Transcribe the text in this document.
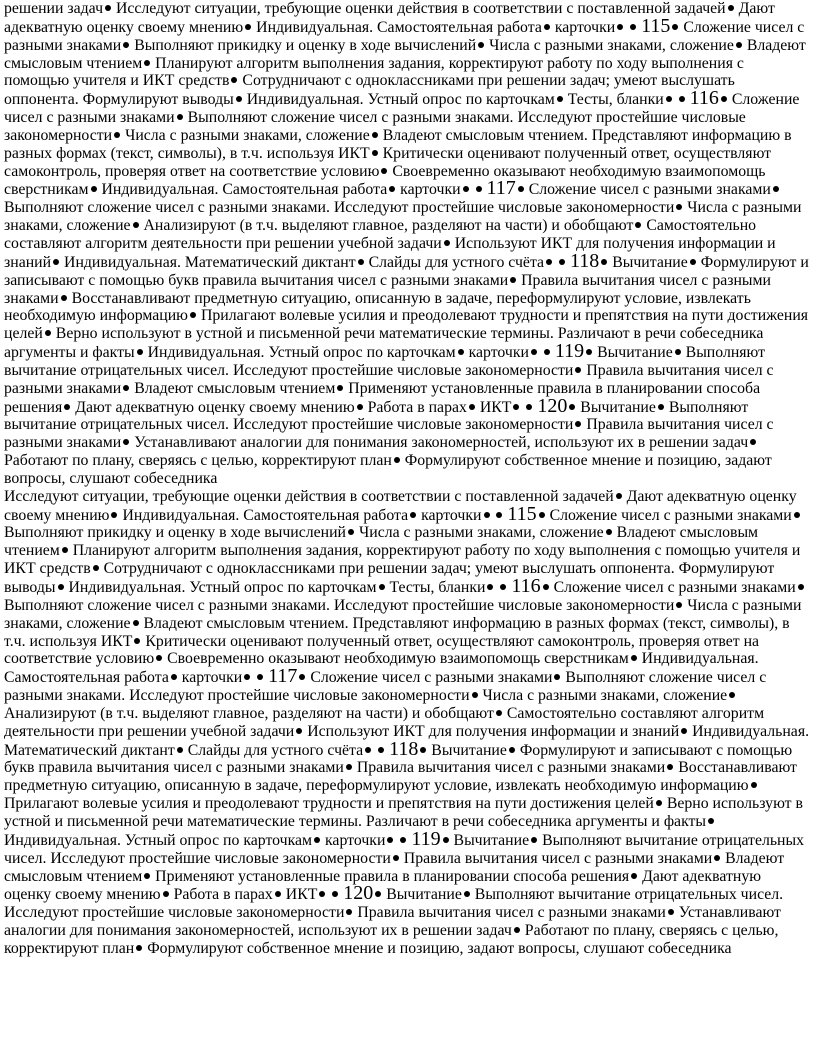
решении задач Исследуют ситуации, требующие оценки действия в соответствии с поставленной задачей Дают адекватную оценку своему мнению Индивидуальная. Самостоятельная работа карточки 115 Сложение чисел с разными знаками Выполняют прикидку и оценку в ходе вычислений Числа с разными знаками, сложение Владеют смысловым чтением Планируют алгоритм выполнения задания, корректируют работу по ходу выполнения с помощью учителя и ИКТ средств Сотрудничают с одноклассниками при решении задач; умеют выслушать оппонента. Формулируют выводы Индивидуальная. Устный опрос по карточкам Тесты, бланки 116 Сложение чисел с разными знаками Выполняют сложение чисел с разными знаками. Исследуют простейшие числовые закономерности Числа с разными знаками, сложение Владеют смысловым чтением. Представляют информацию в разных формах (текст, символы), в т.ч. используя ИКТ Критически оценивают полученный ответ, осуществляют самоконтроль, проверяя ответ на соответствие условию Своевременно оказывают необходимую взаимопомощь сверстникам Индивидуальная. Самостоятельная работа карточки 117 Сложение чисел с разными знаками Выполняют сложение чисел с разными знаками. Исследуют простейшие числовые закономерности Числа с разными знаками, сложение Анализируют (в т.ч. выделяют главное, разделяют на части) и обобщают Самостоятельно составляют алгоритм деятельности при решении учебной задачи Используют ИКТ для получения информации и знаний Индивидуальная. Математический диктант Слайды для устного счёта 118 Вычитание Формулируют и записывают с помощью букв правила вычитания чисел с разными знаками Правила вычитания чисел с разными знаками Восстанавливают предметную ситуацию, описанную в задаче, переформулируют условие, извлекать необходимую информацию Прилагают волевые усилия и преодолевают трудности и препятствия на пути достижения целей Верно используют в устной и письменной речи математические термины. Различают в речи собеседника аргументы и факты Индивидуальная. Устный опрос по карточкам карточки 119 Вычитание Выполняют вычитание отрицательных чисел. Исследуют простейшие числовые закономерности Правила вычитания чисел с разными знаками Владеют смысловым чтением Применяют установленные правила в планировании способа решения Дают адекватную оценку своему мнению Работа в парах ИКТ 120 Вычитание Выполняют вычитание отрицательных чисел. Исследуют простейшие числовые закономерности Правила вычитания чисел с разными знаками Устанавливают аналогии для понимания закономерностей, используют их в решении задач Работают по плану, сверяясь с целью, корректируют план Формулируют собственное мнение и позицию, задают вопросы, слушают собеседника

Исследуют ситуации, требующие оценки действия в соответствии с поставленной задачей Дают адекватную оценку своему мнению Индивидуальная. Самостоятельная работа карточки 115 Сложение чисел с разными знаками Выполняют прикидку и оценку в ходе вычислений Числа с разными знаками, сложение Владеют смысловым чтением Планируют алгоритм выполнения задания, корректируют работу по ходу выполнения с помощью учителя и ИКТ средств Сотрудничают с одноклассниками при решении задач; умеют выслушать оппонента. Формулируют выводы Индивидуальная. Устный опрос по карточкам Тесты, бланки 116 Сложение чисел с разными знаками Выполняют сложение чисел с разными знаками. Исследуют простейшие числовые закономерности Числа с разными знаками, сложение Владеют смысловым чтением. Представляют информацию в разных формах (текст, символы), в т.ч. используя ИКТ Критически оценивают полученный ответ, осуществляют самоконтроль, проверяя ответ на соответствие условию Своевременно оказывают необходимую взаимопомощь сверстникам Индивидуальная. Самостоятельная работа карточки 117 Сложение чисел с разными знаками Выполняют сложение чисел с разными знаками. Исследуют простейшие числовые закономерности Числа с разными знаками, сложение Анализируют (в т.ч. выделяют главное, разделяют на части) и обобщают Самостоятельно составляют алгоритм деятельности при решении учебной задачи Используют ИКТ для получения информации и знаний Индивидуальная. Математический диктант Слайды для устного счёта 118 Вычитание Формулируют и записывают с помощью букв правила вычитания чисел с разными знаками Правила вычитания чисел с разными знаками Восстанавливают предметную ситуацию, описанную в задаче, переформулируют условие, извлекать необходимую информацию Прилагают волевые усилия и преодолевают трудности и препятствия на пути достижения целей Верно используют в устной и письменной речи математические термины. Различают в речи собеседника аргументы и факты Индивидуальная. Устный опрос по карточкам карточки 119 Вычитание Выполняют вычитание отрицательных чисел. Исследуют простейшие числовые закономерности Правила вычитания чисел с разными знаками Владеют смысловым чтением Применяют установленные правила в планировании способа решения Дают адекватную оценку своему мнению Работа в парах ИКТ 120 Вычитание Выполняют вычитание отрицательных чисел. Исследуют простейшие числовые закономерности Правила вычитания чисел с разными знаками Устанавливают аналогии для понимания закономерностей, используют их в решении задач Работают по плану, сверяясь с целью, корректируют план Формулируют собственное мнение и позицию, задают вопросы, слушают собеседника
